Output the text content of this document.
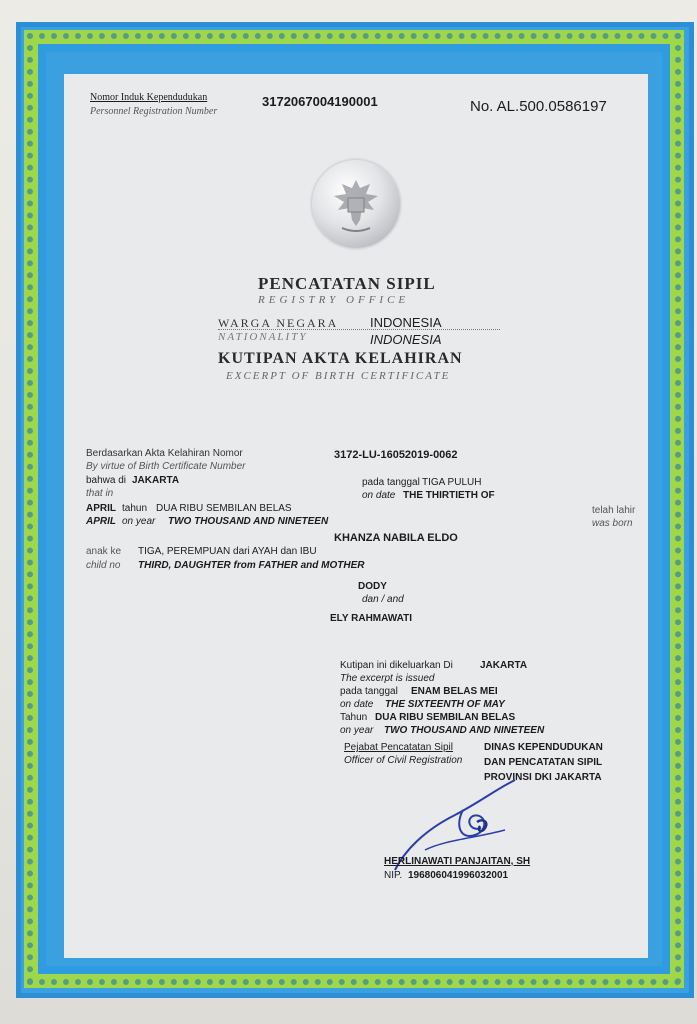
Nomor Induk Kependudukan
Personnel Registration Number
3172067004190001	No. AL.500.0586197
PENCATATAN SIPIL
REGISTRY OFFICE
WARGA NEGARA
NATIONALITY
INDONESIA
INDONESIA
KUTIPAN AKTA KELAHIRAN
EXCERPT OF BIRTH CERTIFICATE
Berdasarkan Akta Kelahiran Nomor
By virtue of Birth Certificate Number
3172-LU-16052019-0062
bahwa di JAKARTA
that in
pada tanggal TIGA PULUH
on date THE THIRTIETH OF
APRIL tahun DUA RIBU SEMBILAN BELAS
APRIL on year TWO THOUSAND AND NINETEEN
telah lahir
was born
KHANZA NABILA ELDO
anak ke TIGA, PEREMPUAN dari AYAH dan IBU
child no THIRD, DAUGHTER from FATHER and MOTHER
DODY
dan / and
ELY RAHMAWATI
Kutipan ini dikeluarkan Di	JAKARTA
The excerpt is issued
pada tanggal ENAM BELAS MEI
on date THE SIXTEENTH OF MAY
Tahun DUA RIBU SEMBILAN BELAS
on year TWO THOUSAND AND NINETEEN
Pejabat Pencatatan Sipil
Officer of Civil Registration
DINAS KEPENDUDUKAN
DAN PENCATATAN SIPIL
PROVINSI DKI JAKARTA
HERLINAWATI PANJAITAN, SH
NIP. 196806041996032001
